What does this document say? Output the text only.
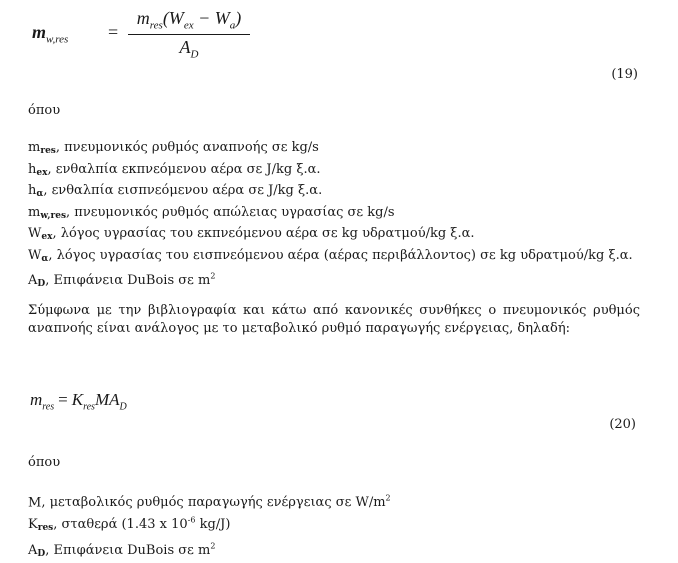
$m_{w,res}$ =
$m_{res}(W_{ex} - W_a)$
$A_D$
(19)
όπου
$m_{res}$, πνευμονικός ρυθμός αναπνοής σε kg/s
$h_{ex}$, ενθαλπία εκπνεόμενου αέρα σε J/kg ξ.α.
$h_\alpha$, ενθαλπία εισπνεόμενου αέρα σε J/kg ξ.α.
$m_{w,res}$, πνευμονικός ρυθμός απώλειας υγρασίας σε kg/s
$W_{ex}$, λόγος υγρασίας του εκπνεόμενου αέρα σε kg υδρατμού/kg ξ.α.
$W_\alpha$, λόγος υγρασίας του εισπνεόμενου αέρα (αέρας περιβάλλοντος) σε kg υδρατμού/kg ξ.α.
$A_D$, Επιφάνεια DuBois σε $m^2$
Σύμφωνα με την βιβλιογραφία και κάτω από κανονικές συνθήκες ο πνευμονικός ρυθμός αναπνοής είναι ανάλογος με το μεταβολικό ρυθμό παραγωγής ενέργειας, δηλαδή:
$m_{res} = K_{res}MA_D$
(20)
όπου
M, μεταβολικός ρυθμός παραγωγής ενέργειας σε $W/m^2$
$K_{res}$, σταθερά (1.43 x $10^{-6}$ kg/J)
$A_D$, Επιφάνεια DuBois σε $m^2$
